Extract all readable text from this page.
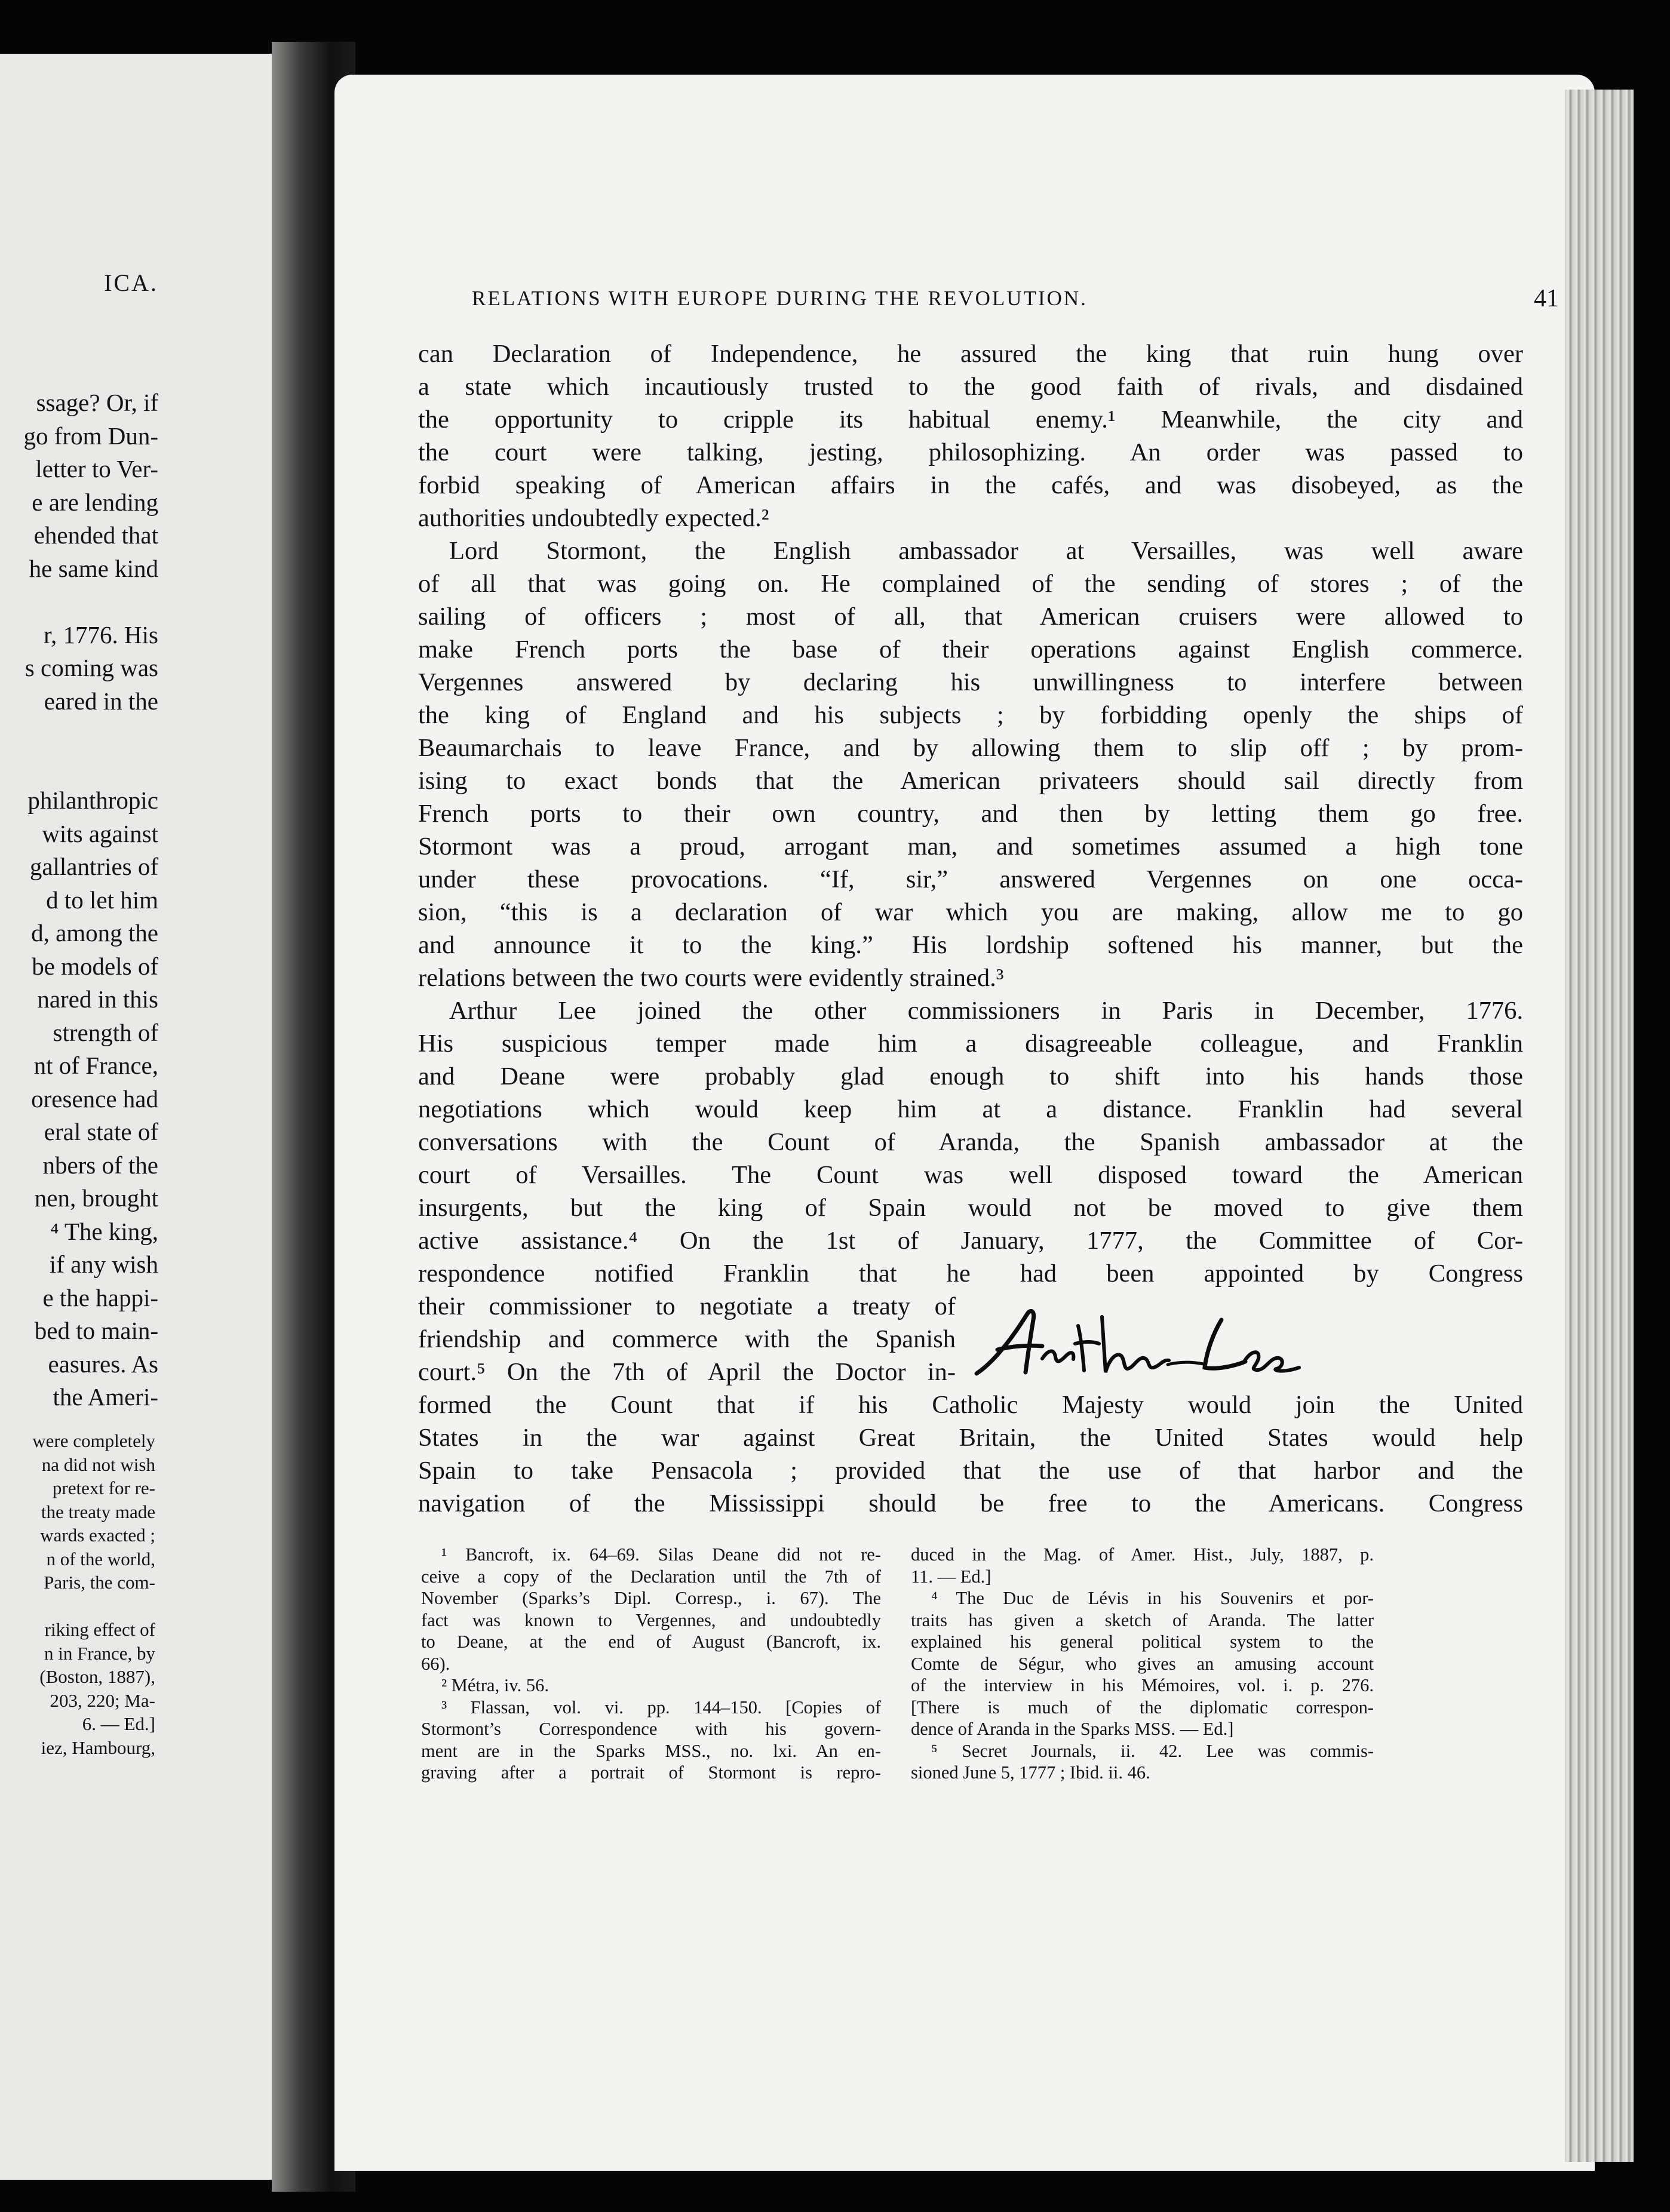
ICA.
ssage? Or, if
go from Dun-
letter to Ver-
e are lending
ehended that
he same kind
r, 1776. His
s coming was
eared in the
philanthropic
wits against
gallantries of
d to let him
d, among the
be models of
nared in this
strength of
nt of France,
oresence had
eral state of
nbers of the
nen, brought
⁴ The king,
if any wish
e the happi-
bed to main-
easures. As
the Ameri-
were completely
na did not wish
pretext for re-
the treaty made
wards exacted ;
n of the world,
Paris, the com-
riking effect of
n in France, by
(Boston, 1887),
203, 220; Ma-
6. — Ed.]
iez, Hambourg,
RELATIONS WITH EUROPE DURING THE REVOLUTION.	41
can Declaration of Independence, he assured the king that ruin hung over
a state which incautiously trusted to the good faith of rivals, and disdained
the opportunity to cripple its habitual enemy.¹ Meanwhile, the city and
the court were talking, jesting, philosophizing. An order was passed to
forbid speaking of American affairs in the cafés, and was disobeyed, as the
authorities undoubtedly expected.²
Lord Stormont, the English ambassador at Versailles, was well aware
of all that was going on. He complained of the sending of stores ; of the
sailing of officers ; most of all, that American cruisers were allowed to
make French ports the base of their operations against English commerce.
Vergennes answered by declaring his unwillingness to interfere between
the king of England and his subjects ; by forbidding openly the ships of
Beaumarchais to leave France, and by allowing them to slip off ; by prom-
ising to exact bonds that the American privateers should sail directly from
French ports to their own country, and then by letting them go free.
Stormont was a proud, arrogant man, and sometimes assumed a high tone
under these provocations. “If, sir,” answered Vergennes on one occa-
sion, “this is a declaration of war which you are making, allow me to go
and announce it to the king.” His lordship softened his manner, but the
relations between the two courts were evidently strained.³
Arthur Lee joined the other commissioners in Paris in December, 1776.
His suspicious temper made him a disagreeable colleague, and Franklin
and Deane were probably glad enough to shift into his hands those
negotiations which would keep him at a distance. Franklin had several
conversations with the Count of Aranda, the Spanish ambassador at the
court of Versailles. The Count was well disposed toward the American
insurgents, but the king of Spain would not be moved to give them
active assistance.⁴ On the 1st of January, 1777, the Committee of Cor-
respondence notified Franklin that he had been appointed by Congress
their commissioner to negotiate a treaty of
friendship and commerce with the Spanish
court.⁵ On the 7th of April the Doctor in-
formed the Count that if his Catholic Majesty would join the United
States in the war against Great Britain, the United States would help
Spain to take Pensacola ; provided that the use of that harbor and the
navigation of the Mississippi should be free to the Americans. Congress
¹ Bancroft, ix. 64–69. Silas Deane did not re-
ceive a copy of the Declaration until the 7th of
November (Sparks’s Dipl. Corresp., i. 67). The
fact was known to Vergennes, and undoubtedly
to Deane, at the end of August (Bancroft, ix.
66).
² Métra, iv. 56.
³ Flassan, vol. vi. pp. 144–150. [Copies of
Stormont’s Correspondence with his govern-
ment are in the Sparks MSS., no. lxi. An en-
graving after a portrait of Stormont is repro-
duced in the Mag. of Amer. Hist., July, 1887, p.
11. — Ed.]
⁴ The Duc de Lévis in his Souvenirs et por-
traits has given a sketch of Aranda. The latter
explained his general political system to the
Comte de Ségur, who gives an amusing account
of the interview in his Mémoires, vol. i. p. 276.
[There is much of the diplomatic correspon-
dence of Aranda in the Sparks MSS. — Ed.]
⁵ Secret Journals, ii. 42. Lee was commis-
sioned June 5, 1777 ; Ibid. ii. 46.
